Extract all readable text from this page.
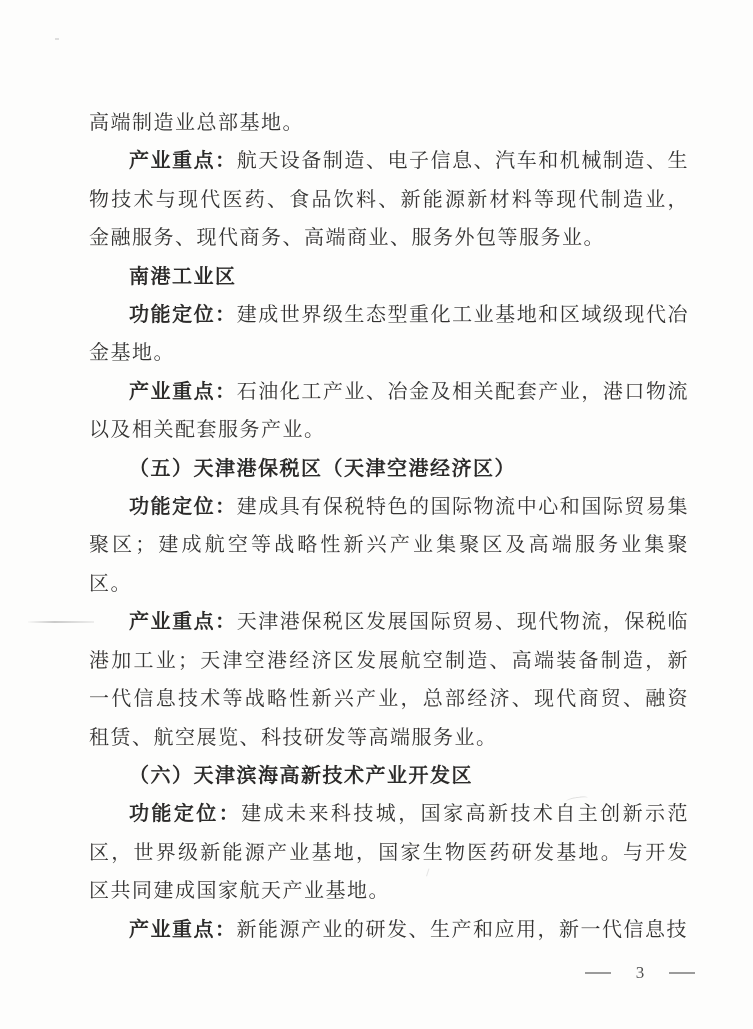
高端制造业总部基地。

产业重点：航天设备制造、电子信息、汽车和机械制造、生物技术与现代医药、食品饮料、新能源新材料等现代制造业，金融服务、现代商务、高端商业、服务外包等服务业。

南港工业区

功能定位：建成世界级生态型重化工业基地和区域级现代冶金基地。

产业重点：石油化工产业、冶金及相关配套产业，港口物流以及相关配套服务产业。

（五）天津港保税区（天津空港经济区）

功能定位：建成具有保税特色的国际物流中心和国际贸易集聚区；建成航空等战略性新兴产业集聚区及高端服务业集聚区。

产业重点：天津港保税区发展国际贸易、现代物流，保税临港加工业；天津空港经济区发展航空制造、高端装备制造，新一代信息技术等战略性新兴产业，总部经济、现代商贸、融资租赁、航空展览、科技研发等高端服务业。

（六）天津滨海高新技术产业开发区

功能定位：建成未来科技城，国家高新技术自主创新示范区，世界级新能源产业基地，国家生物医药研发基地。与开发区共同建成国家航天产业基地。

产业重点：新能源产业的研发、生产和应用，新一代信息技

3
